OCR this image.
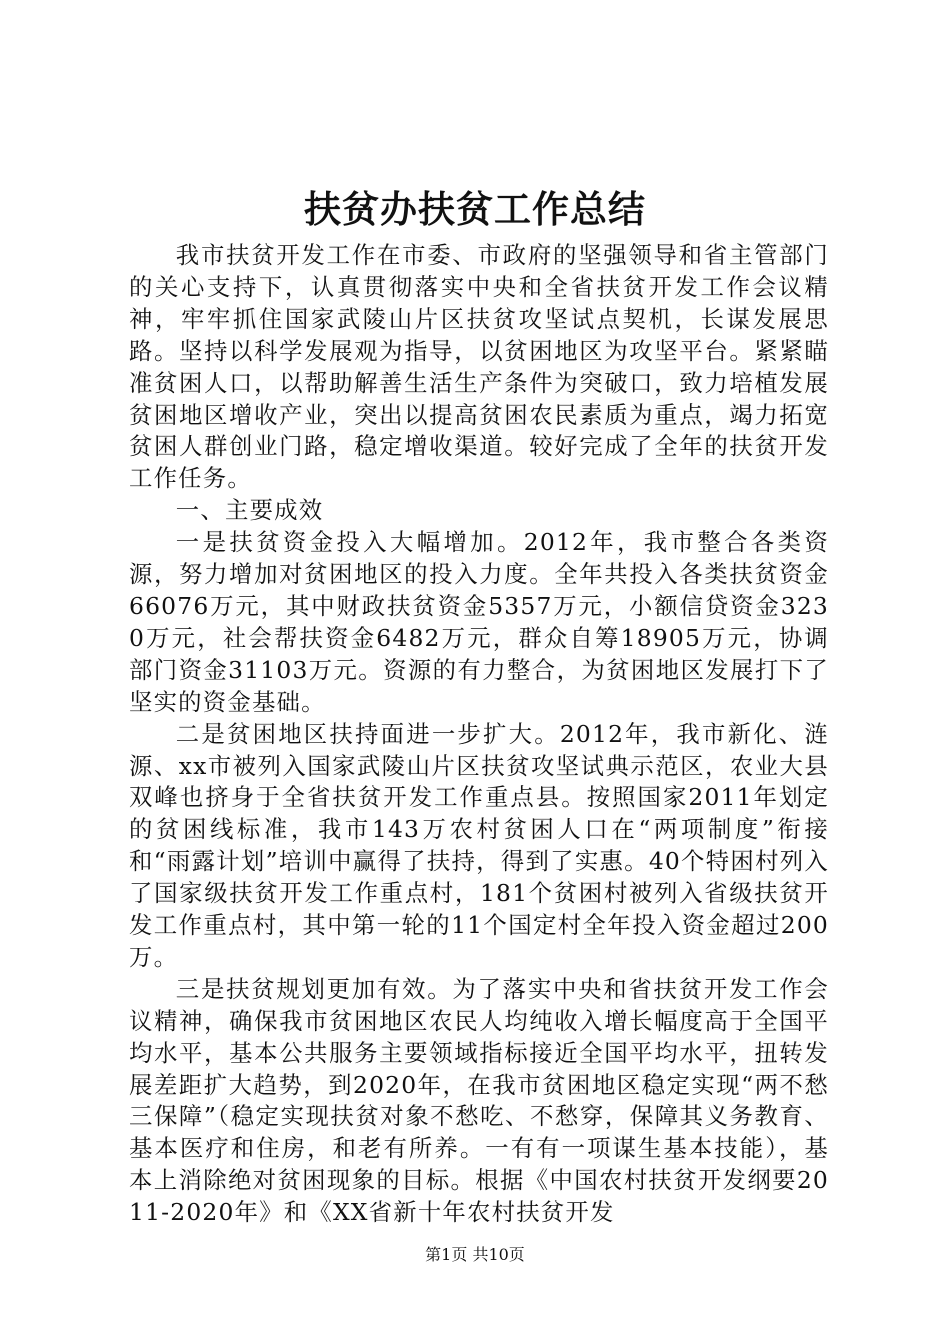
扶贫办扶贫工作总结

我市扶贫开发工作在市委、市政府的坚强领导和省主管部门的关心支持下，认真贯彻落实中央和全省扶贫开发工作会议精神，牢牢抓住国家武陵山片区扶贫攻坚试点契机，长谋发展思路。坚持以科学发展观为指导，以贫困地区为攻坚平台。紧紧瞄准贫困人口，以帮助解善生活生产条件为突破口，致力培植发展贫困地区增收产业，突出以提高贫困农民素质为重点，竭力拓宽贫困人群创业门路，稳定增收渠道。较好完成了全年的扶贫开发工作任务。

一、主要成效

一是扶贫资金投入大幅增加。2012年，我市整合各类资源，努力增加对贫困地区的投入力度。全年共投入各类扶贫资金66076万元，其中财政扶贫资金5357万元，小额信贷资金3230万元，社会帮扶资金6482万元，群众自筹18905万元，协调部门资金31103万元。资源的有力整合，为贫困地区发展打下了坚实的资金基础。

二是贫困地区扶持面进一步扩大。2012年，我市新化、涟源、xx市被列入国家武陵山片区扶贫攻坚试典示范区，农业大县双峰也挤身于全省扶贫开发工作重点县。按照国家2011年划定的贫困线标准，我市143万农村贫困人口在“两项制度”衔接和“雨露计划”培训中赢得了扶持，得到了实惠。40个特困村列入了国家级扶贫开发工作重点村，181个贫困村被列入省级扶贫开发工作重点村，其中第一轮的11个国定村全年投入资金超过200万。

三是扶贫规划更加有效。为了落实中央和省扶贫开发工作会议精神，确保我市贫困地区农民人均纯收入增长幅度高于全国平均水平，基本公共服务主要领域指标接近全国平均水平，扭转发展差距扩大趋势，到2020年，在我市贫困地区稳定实现“两不愁三保障”（稳定实现扶贫对象不愁吃、不愁穿，保障其义务教育、基本医疗和住房，和老有所养。一有有一项谋生基本技能），基本上消除绝对贫困现象的目标。根据《中国农村扶贫开发纲要2011-2020年》和《XX省新十年农村扶贫开发

第1页 共10页
